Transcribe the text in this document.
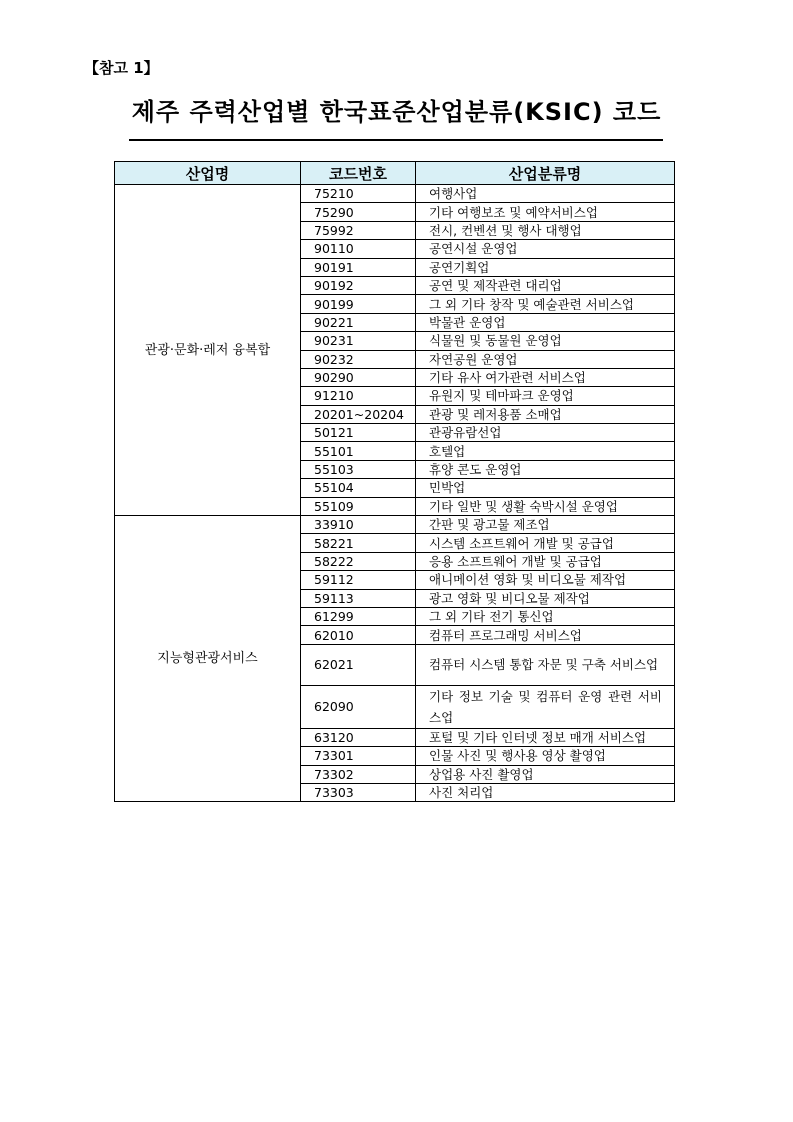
【참고 1】
제주 주력산업별 한국표준산업분류(KSIC) 코드
산업명	코드번호	산업분류명
관광·문화·레저 융복합	75210	여행사업
	75290	기타 여행보조 및 예약서비스업
	75992	전시, 컨벤션 및 행사 대행업
	90110	공연시설 운영업
	90191	공연기획업
	90192	공연 및 제작관련 대리업
	90199	그 외 기타 창작 및 예술관련 서비스업
	90221	박물관 운영업
	90231	식물원 및 동물원 운영업
	90232	자연공원 운영업
	90290	기타 유사 여가관련 서비스업
	91210	유원지 및 테마파크 운영업
	20201~20204	관광 및 레저용품 소매업
	50121	관광유람선업
	55101	호텔업
	55103	휴양 콘도 운영업
	55104	민박업
	55109	기타 일반 및 생활 숙박시설 운영업
지능형관광서비스	33910	간판 및 광고물 제조업
	58221	시스템 소프트웨어 개발 및 공급업
	58222	응용 소프트웨어 개발 및 공급업
	59112	애니메이션 영화 및 비디오물 제작업
	59113	광고 영화 및 비디오물 제작업
	61299	그 외 기타 전기 통신업
	62010	컴퓨터 프로그래밍 서비스업
	62021	컴퓨터 시스템 통합 자문 및 구축 서비스업
	62090	기타 정보 기술 및 컴퓨터 운영 관련 서비스업
	63120	포털 및 기타 인터넷 정보 매개 서비스업
	73301	인물 사진 및 행사용 영상 촬영업
	73302	상업용 사진 촬영업
	73303	사진 처리업
